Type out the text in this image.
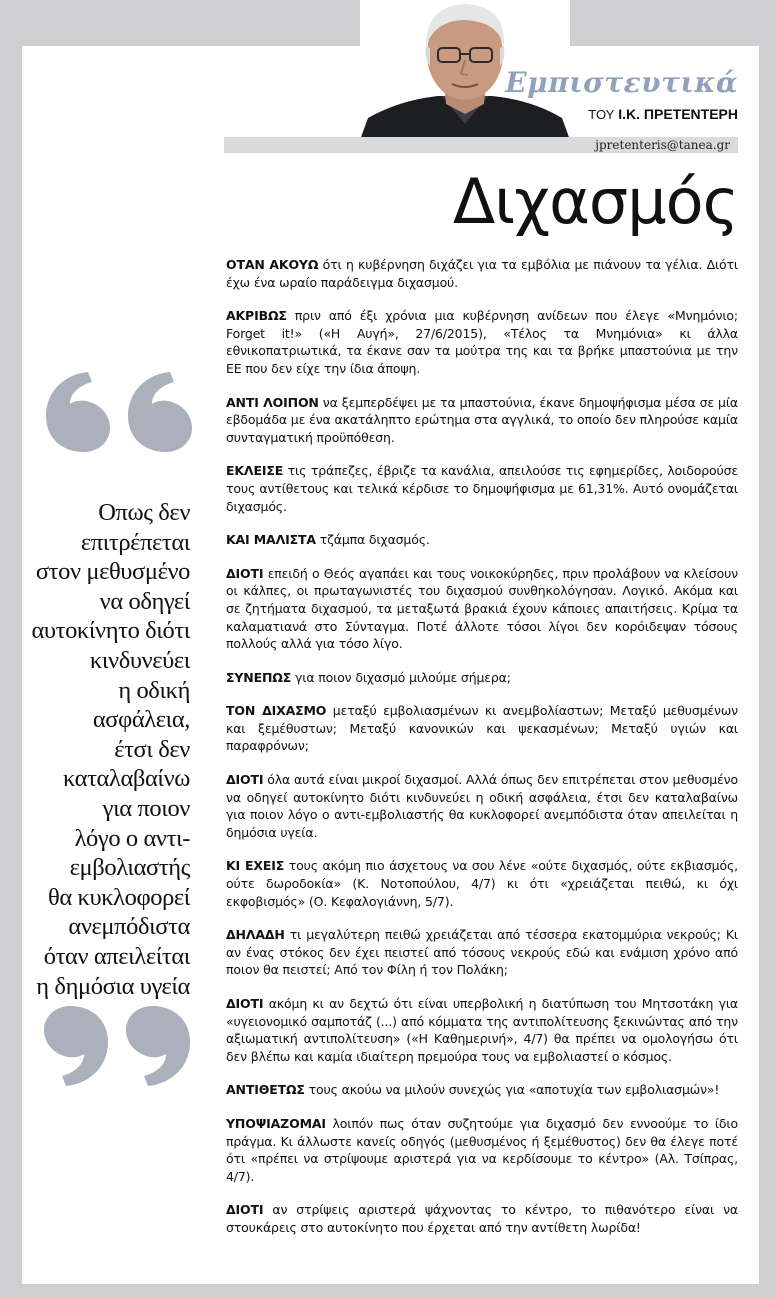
Εμπιστευτικά
ΤΟΥ Ι.Κ. ΠΡΕΤΕΝΤΕΡΗ
jpretenteris@tanea.gr
Διχασμός
Οπως δεν
επιτρέπεται
στον μεθυσμένο
να οδηγεί
αυτοκίνητο διότι
κινδυνεύει
η οδική
ασφάλεια,
έτσι δεν
καταλαβαίνω
για ποιον
λόγο ο αντι-
εμβολιαστής
θα κυκλοφορεί
ανεμπόδιστα
όταν απειλείται
η δημόσια υγεία

ΟΤΑΝ ΑΚΟΥΩ ότι η κυβέρνηση διχάζει για τα εμβόλια με πιάνουν τα γέλια. Διότι έχω ένα ωραίο παράδειγμα διχασμού.

ΑΚΡΙΒΩΣ πριν από έξι χρόνια μια κυβέρνηση ανίδεων που έλεγε «Μνημόνιο; Forget it!» («Η Αυγή», 27/6/2015), «Τέλος τα Μνημόνια» κι άλλα εθνικοπατριωτικά, τα έκανε σαν τα μούτρα της και τα βρήκε μπαστούνια με την ΕΕ που δεν είχε την ίδια άποψη.

ΑΝΤΙ ΛΟΙΠΟΝ να ξεμπερδέψει με τα μπαστούνια, έκανε δημοψήφισμα μέσα σε μία εβδομάδα με ένα ακατάληπτο ερώτημα στα αγγλικά, το οποίο δεν πληρούσε καμία συνταγματική προϋπόθεση.

ΕΚΛΕΙΣΕ τις τράπεζες, έβριζε τα κανάλια, απειλούσε τις εφημερίδες, λοιδορούσε τους αντίθετους και τελικά κέρδισε το δημοψήφισμα με 61,31%. Αυτό ονομάζεται διχασμός.

ΚΑΙ ΜΑΛΙΣΤΑ τζάμπα διχασμός.

ΔΙΟΤΙ επειδή ο Θεός αγαπάει και τους νοικοκύρηδες, πριν προλάβουν να κλείσουν οι κάλπες, οι πρωταγωνιστές του διχασμού συνθηκολόγησαν. Λογικό. Ακόμα και σε ζητήματα διχασμού, τα μεταξωτά βρακιά έχουν κάποιες απαιτήσεις. Κρίμα τα καλαματιανά στο Σύνταγμα. Ποτέ άλλοτε τόσοι λίγοι δεν κορόιδεψαν τόσους πολλούς αλλά για τόσο λίγο.

ΣΥΝΕΠΩΣ για ποιον διχασμό μιλούμε σήμερα;

ΤΟΝ ΔΙΧΑΣΜΟ μεταξύ εμβολιασμένων κι ανεμβολίαστων; Μεταξύ μεθυσμένων και ξεμέθυστων; Μεταξύ κανονικών και ψεκασμένων; Μεταξύ υγιών και παραφρόνων;

ΔΙΟΤΙ όλα αυτά είναι μικροί διχασμοί. Αλλά όπως δεν επιτρέπεται στον μεθυσμένο να οδηγεί αυτοκίνητο διότι κινδυνεύει η οδική ασφάλεια, έτσι δεν καταλαβαίνω για ποιον λόγο ο αντι-εμβολιαστής θα κυκλοφορεί ανεμπόδιστα όταν απειλείται η δημόσια υγεία.

ΚΙ ΕΧΕΙΣ τους ακόμη πιο άσχετους να σου λένε «ούτε διχασμός, ούτε εκβιασμός, ούτε δωροδοκία» (Κ. Νοτοπούλου, 4/7) κι ότι «χρειάζεται πειθώ, κι όχι εκφοβισμός» (Ο. Κεφαλογιάννη, 5/7).

ΔΗΛΑΔΗ τι μεγαλύτερη πειθώ χρειάζεται από τέσσερα εκατομμύρια νεκρούς; Κι αν ένας στόκος δεν έχει πειστεί από τόσους νεκρούς εδώ και ενάμιση χρόνο από ποιον θα πειστεί; Από τον Φίλη ή τον Πολάκη;

ΔΙΟΤΙ ακόμη κι αν δεχτώ ότι είναι υπερβολική η διατύπωση του Μητσοτάκη για «υγειονομικό σαμποτάζ (...) από κόμματα της αντιπολίτευσης ξεκινώντας από την αξιωματική αντιπολίτευση» («Η Καθημερινή», 4/7) θα πρέπει να ομολογήσω ότι δεν βλέπω και καμία ιδιαίτερη πρεμούρα τους να εμβολιαστεί ο κόσμος.

ΑΝΤΙΘΕΤΩΣ τους ακούω να μιλούν συνεχώς για «αποτυχία των εμβολιασμών»!

ΥΠΟΨΙΑΖΟΜΑΙ λοιπόν πως όταν συζητούμε για διχασμό δεν εννοούμε το ίδιο πράγμα. Κι άλλωστε κανείς οδηγός (μεθυσμένος ή ξεμέθυστος) δεν θα έλεγε ποτέ ότι «πρέπει να στρίψουμε αριστερά για να κερδίσουμε το κέντρο» (Αλ. Τσίπρας, 4/7).

ΔΙΟΤΙ αν στρίψεις αριστερά ψάχνοντας το κέντρο, το πιθανότερο είναι να στουκάρεις στο αυτοκίνητο που έρχεται από την αντίθετη λωρίδα!
